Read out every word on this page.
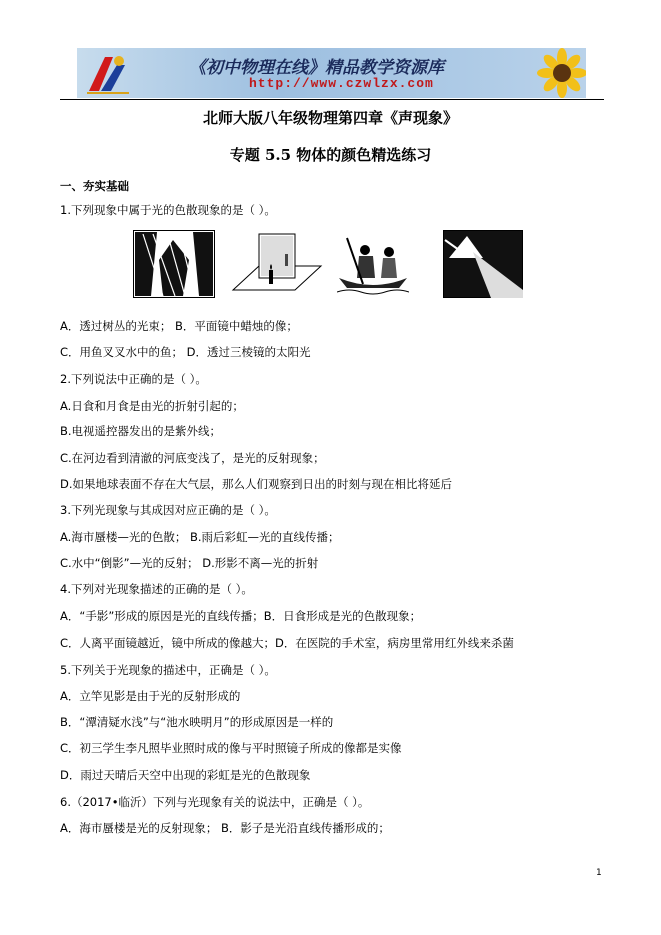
《初中物理在线》精品教学资源库
http://www.czwlzx.com
北师大版八年级物理第四章《声现象》
专题 5.5 物体的颜色精选练习
一、夯实基础
1.下列现象中属于光的色散现象的是（ ）。
A．透过树丛的光束； B．平面镜中蜡烛的像；
C．用鱼叉叉水中的鱼； D．透过三棱镜的太阳光
2.下列说法中正确的是（ ）。
A.日食和月食是由光的折射引起的；
B.电视遥控器发出的是紫外线；
C.在河边看到清澈的河底变浅了，是光的反射现象；
D.如果地球表面不存在大气层，那么人们观察到日出的时刻与现在相比将延后
3.下列光现象与其成因对应正确的是（ ）。
A.海市蜃楼—光的色散； B.雨后彩虹—光的直线传播；
C.水中“倒影”—光的反射； D.形影不离—光的折射
4.下列对光现象描述的正确的是（ ）。
A．“手影”形成的原因是光的直线传播；B．日食形成是光的色散现象；
C．人离平面镜越近，镜中所成的像越大；D．在医院的手术室，病房里常用红外线来杀菌
5.下列关于光现象的描述中，正确是（ ）。
A．立竿见影是由于光的反射形成的
B．“潭清疑水浅”与“池水映明月”的形成原因是一样的
C．初三学生李凡照毕业照时成的像与平时照镜子所成的像都是实像
D．雨过天晴后天空中出现的彩虹是光的色散现象
6.（2017•临沂）下列与光现象有关的说法中，正确是（ ）。
A．海市蜃楼是光的反射现象； B．影子是光沿直线传播形成的；
1
